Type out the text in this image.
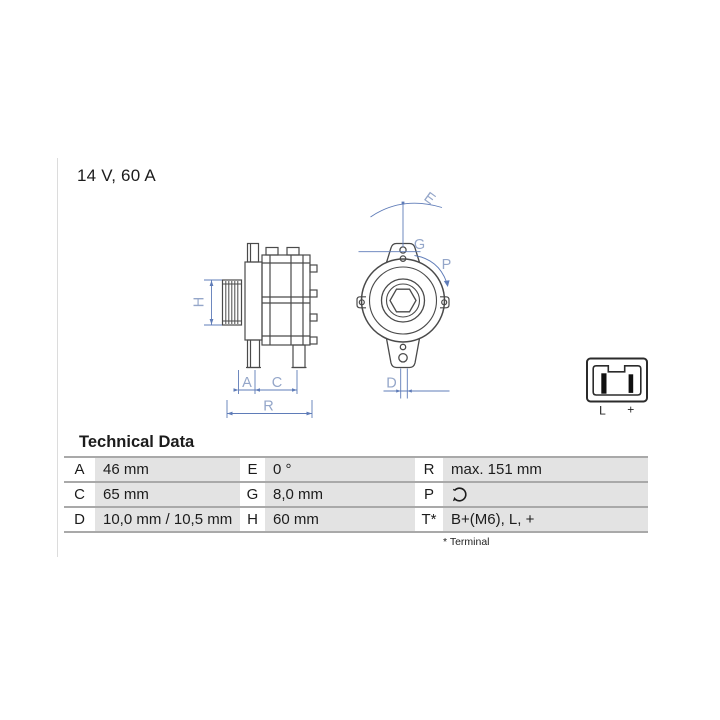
14 V, 60 A
H
A C
R
E
G
P
D
L +
Technical Data
A	46 mm	E	0 °	R	max. 151 mm
C	65 mm	G 8,0 mm	P
D	10,0 mm / 10,5 mm H	60 mm	T* B+(M6), L, +
* Terminal
